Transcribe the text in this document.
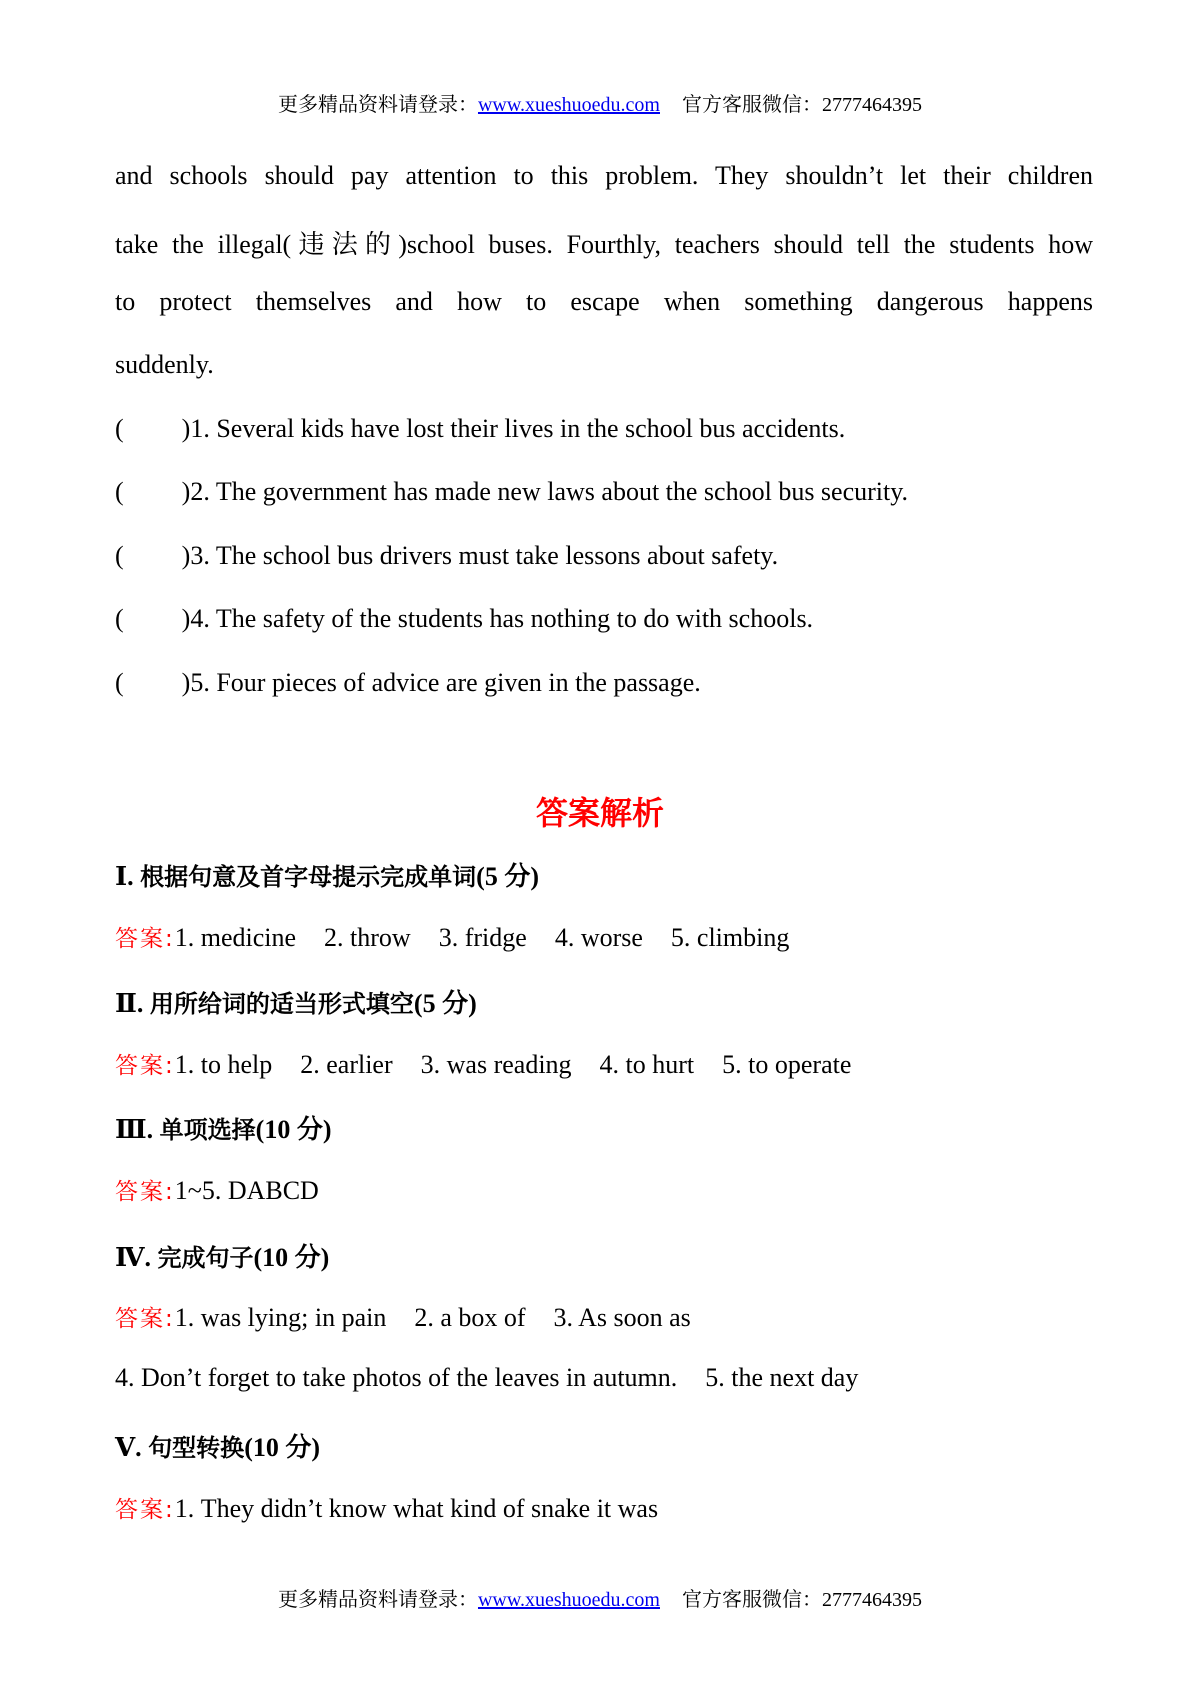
更多精品资料请登录：www.xueshuoedu.com 官方客服微信：2777464395
and schools should pay attention to this problem. They shouldn’t let their children
take the illegal(违法的)school buses. Fourthly, teachers should tell the students how
to protect themselves and how to escape when something dangerous happens
suddenly.
( )1. Several kids have lost their lives in the school bus accidents.
( )2. The government has made new laws about the school bus security.
( )3. The school bus drivers must take lessons about safety.
( )4. The safety of the students has nothing to do with schools.
( )5. Four pieces of advice are given in the passage.
答案解析
Ⅰ. 根据句意及首字母提示完成单词(5 分)
答案:1. medicine 2. throw 3. fridge 4. worse 5. climbing
Ⅱ. 用所给词的适当形式填空(5 分)
答案:1. to help 2. earlier 3. was reading 4. to hurt 5. to operate
Ⅲ. 单项选择(10 分)
答案:1~5. DABCD
Ⅳ. 完成句子(10 分)
答案:1. was lying; in pain 2. a box of 3. As soon as
4. Don’t forget to take photos of the leaves in autumn. 5. the next day
Ⅴ. 句型转换(10 分)
答案:1. They didn’t know what kind of snake it was
更多精品资料请登录：www.xueshuoedu.com 官方客服微信：2777464395
